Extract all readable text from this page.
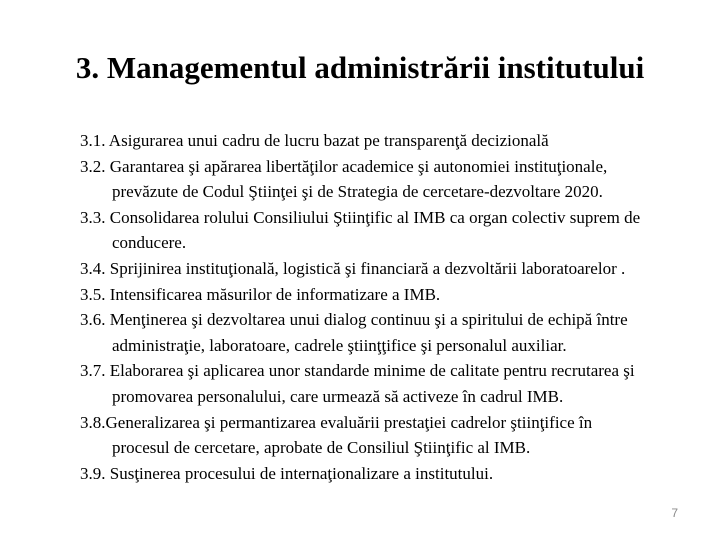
3. Managementul administrării institutului
3.1. Asigurarea unui cadru de lucru bazat pe transparenţă decizională
3.2. Garantarea şi apărarea libertăţilor academice şi autonomiei instituţionale,
prevăzute de Codul Ştiinţei şi de Strategia de cercetare-dezvoltare 2020.
3.3. Consolidarea rolului Consiliului Ştiinţific al IMB ca organ colectiv suprem de
conducere.
3.4. Sprijinirea instituţională, logistică şi financiară a dezvoltării laboratoarelor .
3.5. Intensificarea măsurilor de informatizare a IMB.
3.6. Menţinerea şi dezvoltarea unui dialog continuu şi a spiritului de echipă între
administraţie, laboratoare, cadrele ştiinţţifice şi personalul auxiliar.
3.7. Elaborarea şi aplicarea unor standarde minime de calitate pentru recrutarea şi
promovarea personalului, care urmează să activeze în cadrul IMB.
3.8.Generalizarea şi permantizarea evaluării prestaţiei cadrelor ştiinţifice în
procesul de cercetare, aprobate de Consiliul Ştiinţific al IMB.
3.9. Susţinerea procesului de internaţionalizare a institutului.
7
